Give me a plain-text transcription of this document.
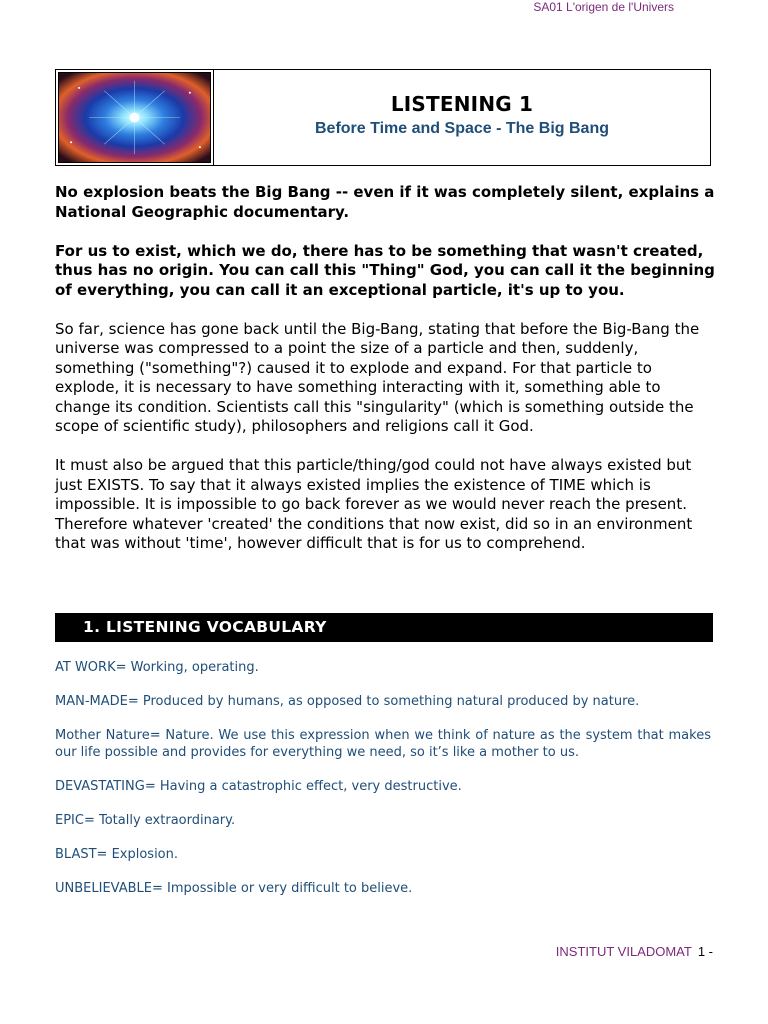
SA01 L'origen de l'Univers
LISTENING 1
Before Time and Space - The Big Bang

No explosion beats the Big Bang -- even if it was completely silent, explains a National Geographic documentary.

For us to exist, which we do, there has to be something that wasn't created, thus has no origin. You can call this "Thing" God, you can call it the beginning of everything, you can call it an exceptional particle, it's up to you.

So far, science has gone back until the Big-Bang, stating that before the Big-Bang the universe was compressed to a point the size of a particle and then, suddenly, something ("something"?) caused it to explode and expand. For that particle to explode, it is necessary to have something interacting with it, something able to change its condition. Scientists call this "singularity" (which is something outside the scope of scientific study), philosophers and religions call it God.

It must also be argued that this particle/thing/god could not have always existed but just EXISTS. To say that it always existed implies the existence of TIME which is impossible. It is impossible to go back forever as we would never reach the present. Therefore whatever 'created' the conditions that now exist, did so in an environment that was without 'time', however difficult that is for us to comprehend.

1. LISTENING VOCABULARY
AT WORK= Working, operating.
MAN-MADE= Produced by humans, as opposed to something natural produced by nature.
Mother Nature= Nature. We use this expression when we think of nature as the system that makes our life possible and provides for everything we need, so it’s like a mother to us.
DEVASTATING= Having a catastrophic effect, very destructive.
EPIC= Totally extraordinary.
BLAST= Explosion.
UNBELIEVABLE= Impossible or very difficult to believe.
INSTITUT VILADOMAT 1 -
